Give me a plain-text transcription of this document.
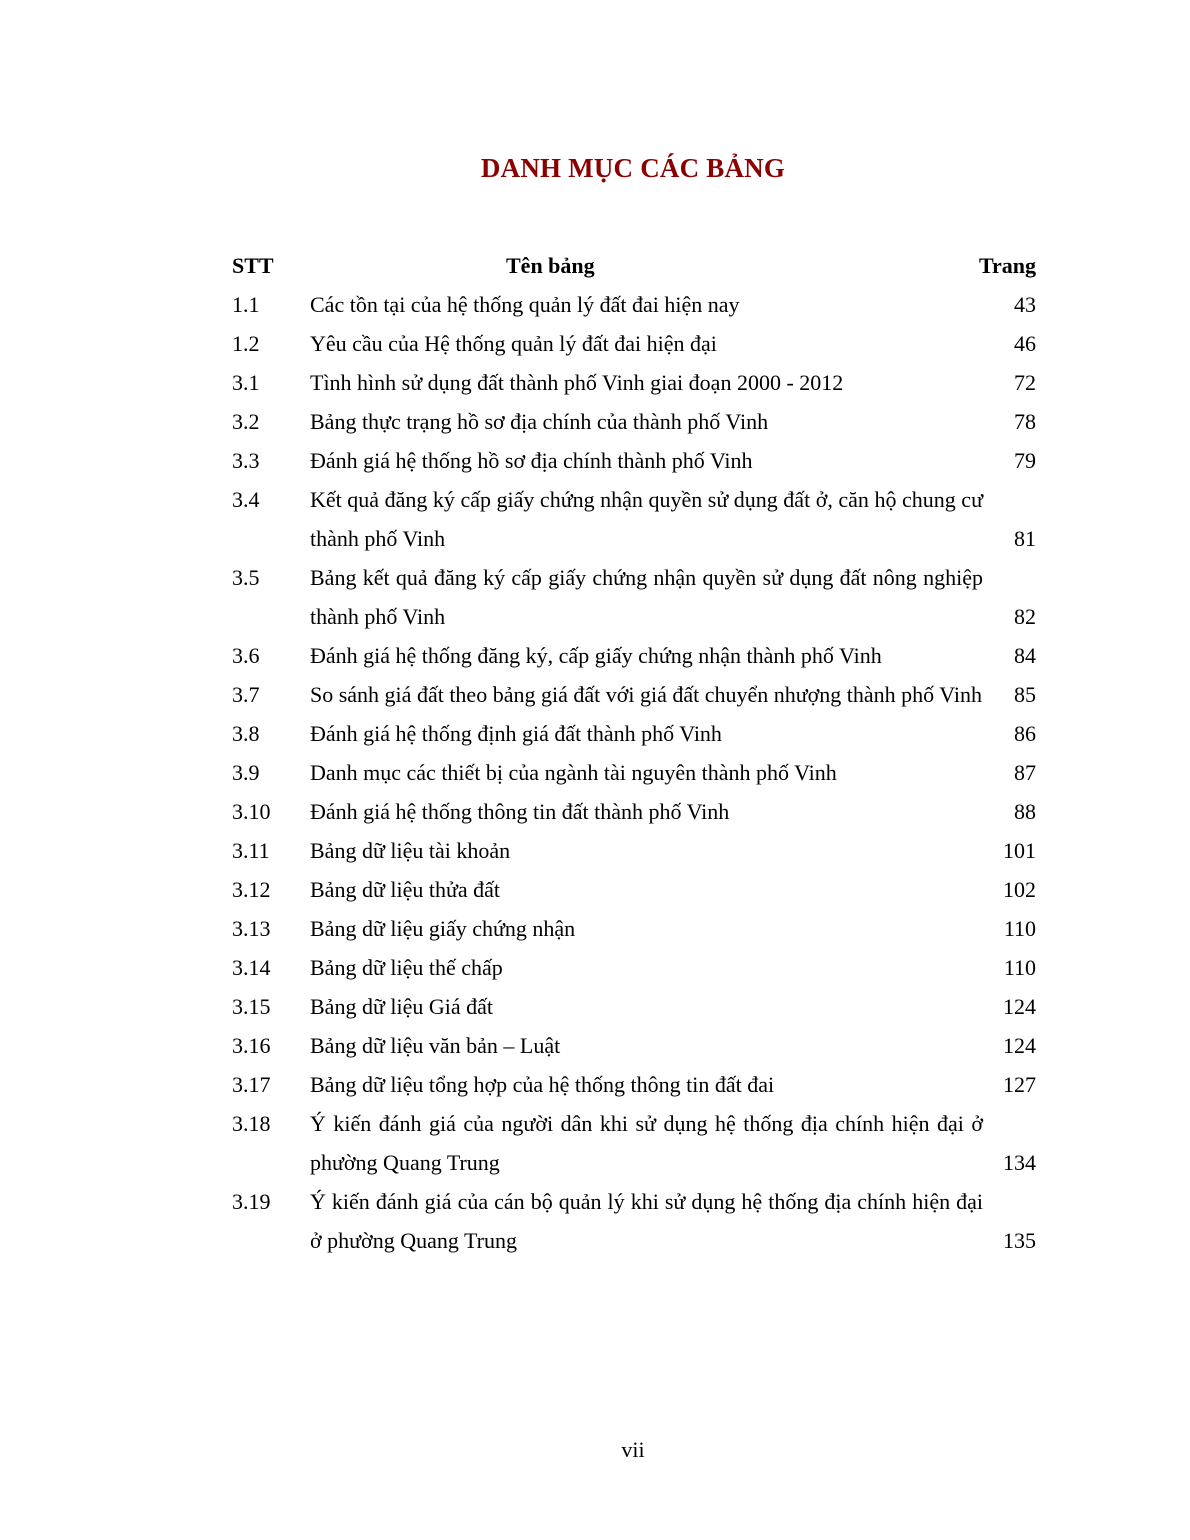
DANH MỤC CÁC BẢNG
STT	Tên bảng	Trang
1.1 Các tồn tại của hệ thống quản lý đất đai hiện nay	43
1.2 Yêu cầu của Hệ thống quản lý đất đai hiện đại	46
3.1 Tình hình sử dụng đất thành phố Vinh giai đoạn 2000 - 2012	72
3.2 Bảng thực trạng hồ sơ địa chính của thành phố Vinh	78
3.3 Đánh giá hệ thống hồ sơ địa chính thành phố Vinh	79
3.4 Kết quả đăng ký cấp giấy chứng nhận quyền sử dụng đất ở, căn hộ chung cư thành phố Vinh	81
3.5 Bảng kết quả đăng ký cấp giấy chứng nhận quyền sử dụng đất nông nghiệp thành phố Vinh	82
3.6 Đánh giá hệ thống đăng ký, cấp giấy chứng nhận thành phố Vinh	84
3.7 So sánh giá đất theo bảng giá đất với giá đất chuyển nhượng thành phố Vinh 85
3.8 Đánh giá hệ thống định giá đất thành phố Vinh	86
3.9 Danh mục các thiết bị của ngành tài nguyên thành phố Vinh	87
3.10 Đánh giá hệ thống thông tin đất thành phố Vinh	88
3.11 Bảng dữ liệu tài khoản	101
3.12 Bảng dữ liệu thửa đất	102
3.13 Bảng dữ liệu giấy chứng nhận	110
3.14 Bảng dữ liệu thế chấp	110
3.15 Bảng dữ liệu Giá đất	124
3.16 Bảng dữ liệu văn bản – Luật	124
3.17 Bảng dữ liệu tổng hợp của hệ thống thông tin đất đai	127
3.18 Ý kiến đánh giá của người dân khi sử dụng hệ thống địa chính hiện đại ở phường Quang Trung	134
3.19 Ý kiến đánh giá của cán bộ quản lý khi sử dụng hệ thống địa chính hiện đại ở phường Quang Trung	135
vii
